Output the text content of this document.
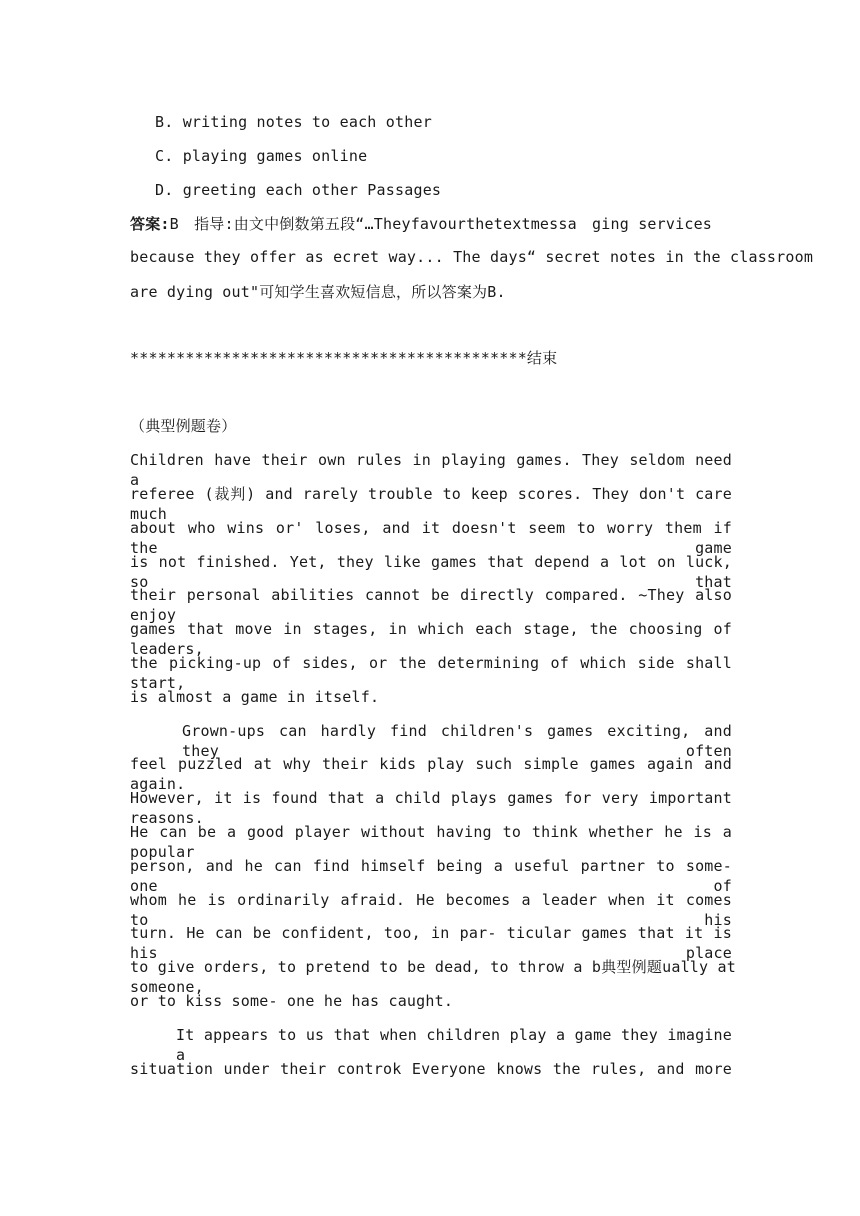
B. writing notes to each other
C. playing games online
D. greeting each other Passages
答案:B　指导:由文中倒数第五段“…Theyfavourthetextmessa　ging services
because they offer as ecret way... The days“ secret notes in the classroom
are dying out"可知学生喜欢短信息，所以答案为B.
*******************************************结束
（典型例题卷）
Children have their own rules in playing games. They seldom need a
referee (裁判) and rarely trouble to keep scores. They don't care much
about who wins or' loses, and it doesn't seem to worry them if the game
is not finished. Yet, they like games that depend a lot on luck, so that
their personal abilities cannot be directly compared. ~They also enjoy
games that move in stages, in which each stage, the choosing of leaders,
the picking-up of sides, or the determining of which side shall start,
is almost a game in itself.
Grown-ups can hardly find children's games exciting, and they often
feel puzzled at why their kids play such simple games again and again.
However, it is found that a child plays games for very important reasons.
He can be a good player without having to think whether he is a popular
person, and he can find himself being a useful partner to some- one of
whom he is ordinarily afraid. He becomes a leader when it comes to his
turn. He can be confident, too, in par- ticular games that it is his place
to give orders, to pretend to be dead, to throw a b典型例题ually at someone,
or to kiss some- one he has caught.
It appears to us that when children play a game they imagine a
situation under their controk Everyone knows the rules, and more
